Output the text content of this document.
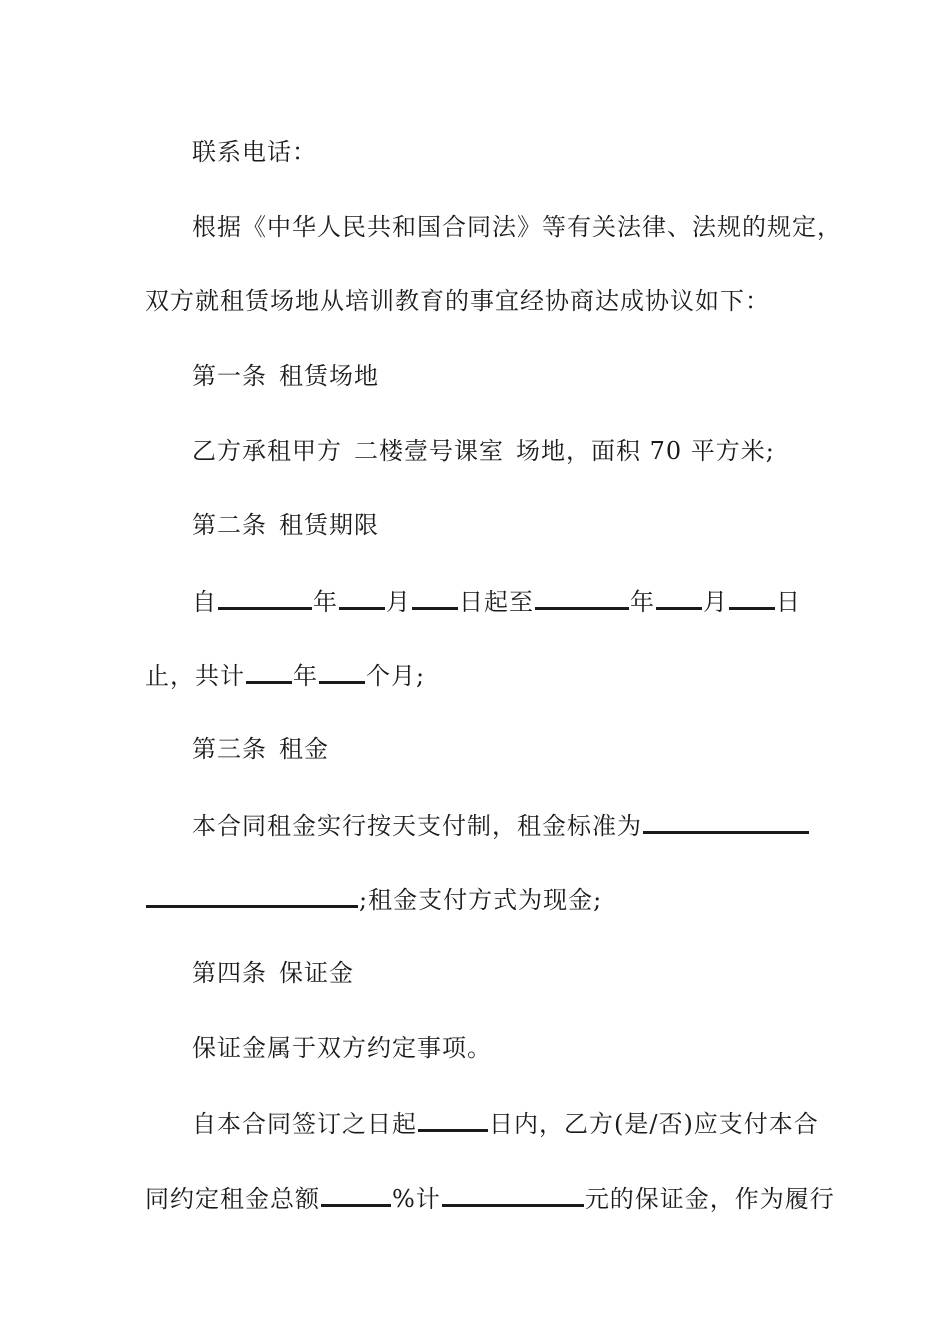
联系电话：
根据《中华人民共和国合同法》等有关法律、法规的规定，
双方就租赁场地从培训教育的事宜经协商达成协议如下：
第一条 租赁场地
乙方承租甲方 二楼壹号课室 场地，面积 70 平方米;
第二条 租赁期限
自	年 月 日起至	年 月 日
止，共计 年 个月;
第三条 租金
本合同租金实行按天支付制，租金标准为
;租金支付方式为现金;
第四条 保证金
保证金属于双方约定事项。
自本合同签订之日起	日内，乙方(是/否)应支付本合
同约定租金总额	%计	元的保证金，作为履行
